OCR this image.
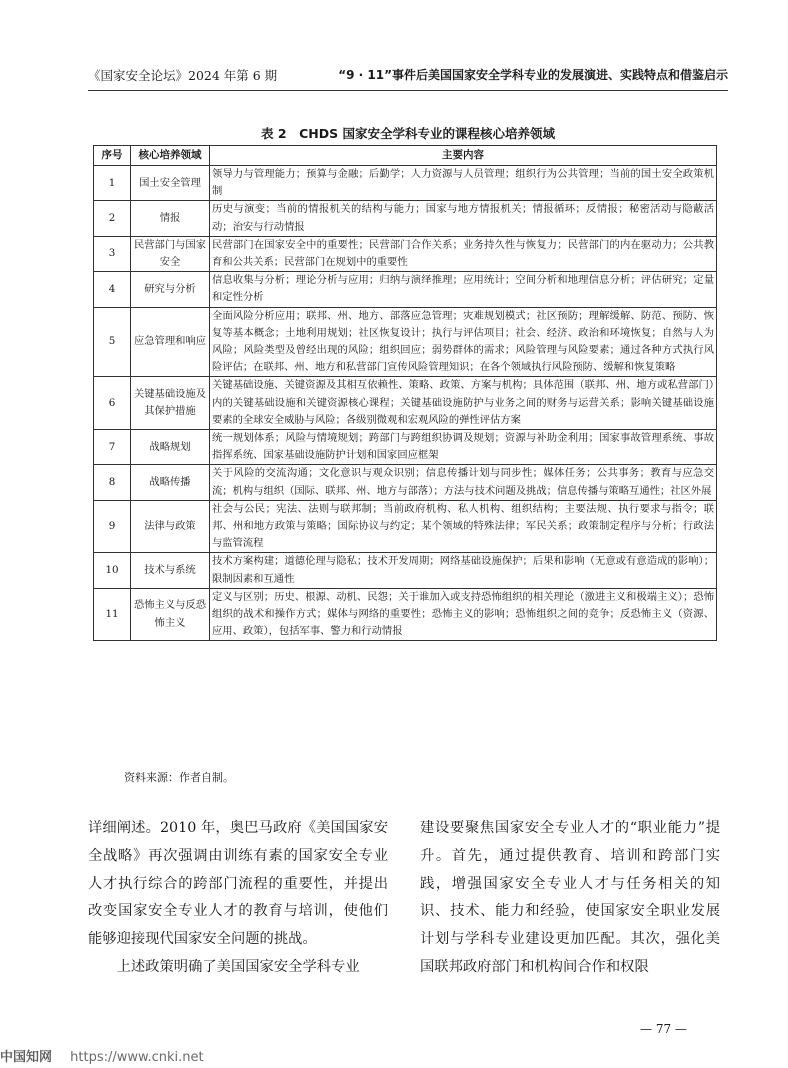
《国家安全论坛》2024 年第 6 期	“9 · 11”事件后美国国家安全学科专业的发展演进、实践特点和借鉴启示
表 2　CHDS 国家安全学科专业的课程核心培养领域
序号	核心培养领域	主要内容
1	国土安全管理	领导力与管理能力；预算与金融；后勤学；人力资源与人员管理；组织行为公共管理；当前的国土安全政策机制
2	情报	历史与演变；当前的情报机关的结构与能力；国家与地方情报机关；情报循环；反情报；秘密活动与隐蔽活动；治安与行动情报
3	民营部门与国家安全	民营部门在国家安全中的重要性；民营部门合作关系；业务持久性与恢复力；民营部门的内在驱动力；公共教育和公共关系；民营部门在规划中的重要性
4	研究与分析	信息收集与分析；理论分析与应用；归纳与演绎推理；应用统计；空间分析和地理信息分析；评估研究；定量和定性分析
5	应急管理和响应	全面风险分析应用；联邦、州、地方、部落应急管理；灾难规划模式；社区预防；理解缓解、防范、预防、恢复等基本概念；土地利用规划；社区恢复设计；执行与评估项目；社会、经济、政治和环境恢复；自然与人为风险；风险类型及曾经出现的风险；组织回应；弱势群体的需求；风险管理与风险要素；通过各种方式执行风险评估；在联邦、州、地方和私营部门宣传风险管理知识；在各个领域执行风险预防、缓解和恢复策略
6	关键基础设施及其保护措施	关键基础设施、关键资源及其相互依赖性、策略、政策、方案与机构；具体范围（联邦、州、地方或私营部门）内的关键基础设施和关键资源核心课程；关键基础设施防护与业务之间的财务与运营关系；影响关键基础设施要素的全球安全威胁与风险；各级别微观和宏观风险的弹性评估方案
7	战略规划	统一规划体系；风险与情境规划；跨部门与跨组织协调及规划；资源与补助金利用；国家事故管理系统、事故指挥系统、国家基础设施防护计划和国家回应框架
8	战略传播	关于风险的交流沟通；文化意识与观众识别；信息传播计划与同步性；媒体任务；公共事务；教育与应急交流；机构与组织（国际、联邦、州、地方与部落）；方法与技术问题及挑战；信息传播与策略互通性；社区外展
9	法律与政策	社会与公民；宪法、法则与联邦制；当前政府机构、私人机构、组织结构；主要法规、执行要求与指令；联邦、州和地方政策与策略；国际协议与约定；某个领域的特殊法律；军民关系；政策制定程序与分析；行政法与监管流程
10	技术与系统	技术方案构建；道德伦理与隐私；技术开发周期；网络基础设施保护；后果和影响（无意或有意造成的影响）；限制因素和互通性
11	恐怖主义与反恐怖主义	定义与区别；历史、根源、动机、民怨；关于谁加入或支持恐怖组织的相关理论（激进主义和极端主义）；恐怖组织的战术和操作方式；媒体与网络的重要性；恐怖主义的影响；恐怖组织之间的竞争；反恐怖主义（资源、应用、政策），包括军事、警力和行动情报
资料来源：作者自制。

详细阐述。2010 年，奥巴马政府《美国国家安全战略》再次强调由训练有素的国家安全专业人才执行综合的跨部门流程的重要性，并提出改变国家安全专业人才的教育与培训，使他们能够迎接现代国家安全问题的挑战。

上述政策明确了美国国家安全学科专业

建设要聚焦国家安全专业人才的“职业能力”提升。首先，通过提供教育、培训和跨部门实践，增强国家安全专业人才与任务相关的知识、技术、能力和经验，使国家安全职业发展计划与学科专业建设更加匹配。其次，强化美国联邦政府部门和机构间合作和权限

— 77 —
中国知网 https://www.cnki.net
